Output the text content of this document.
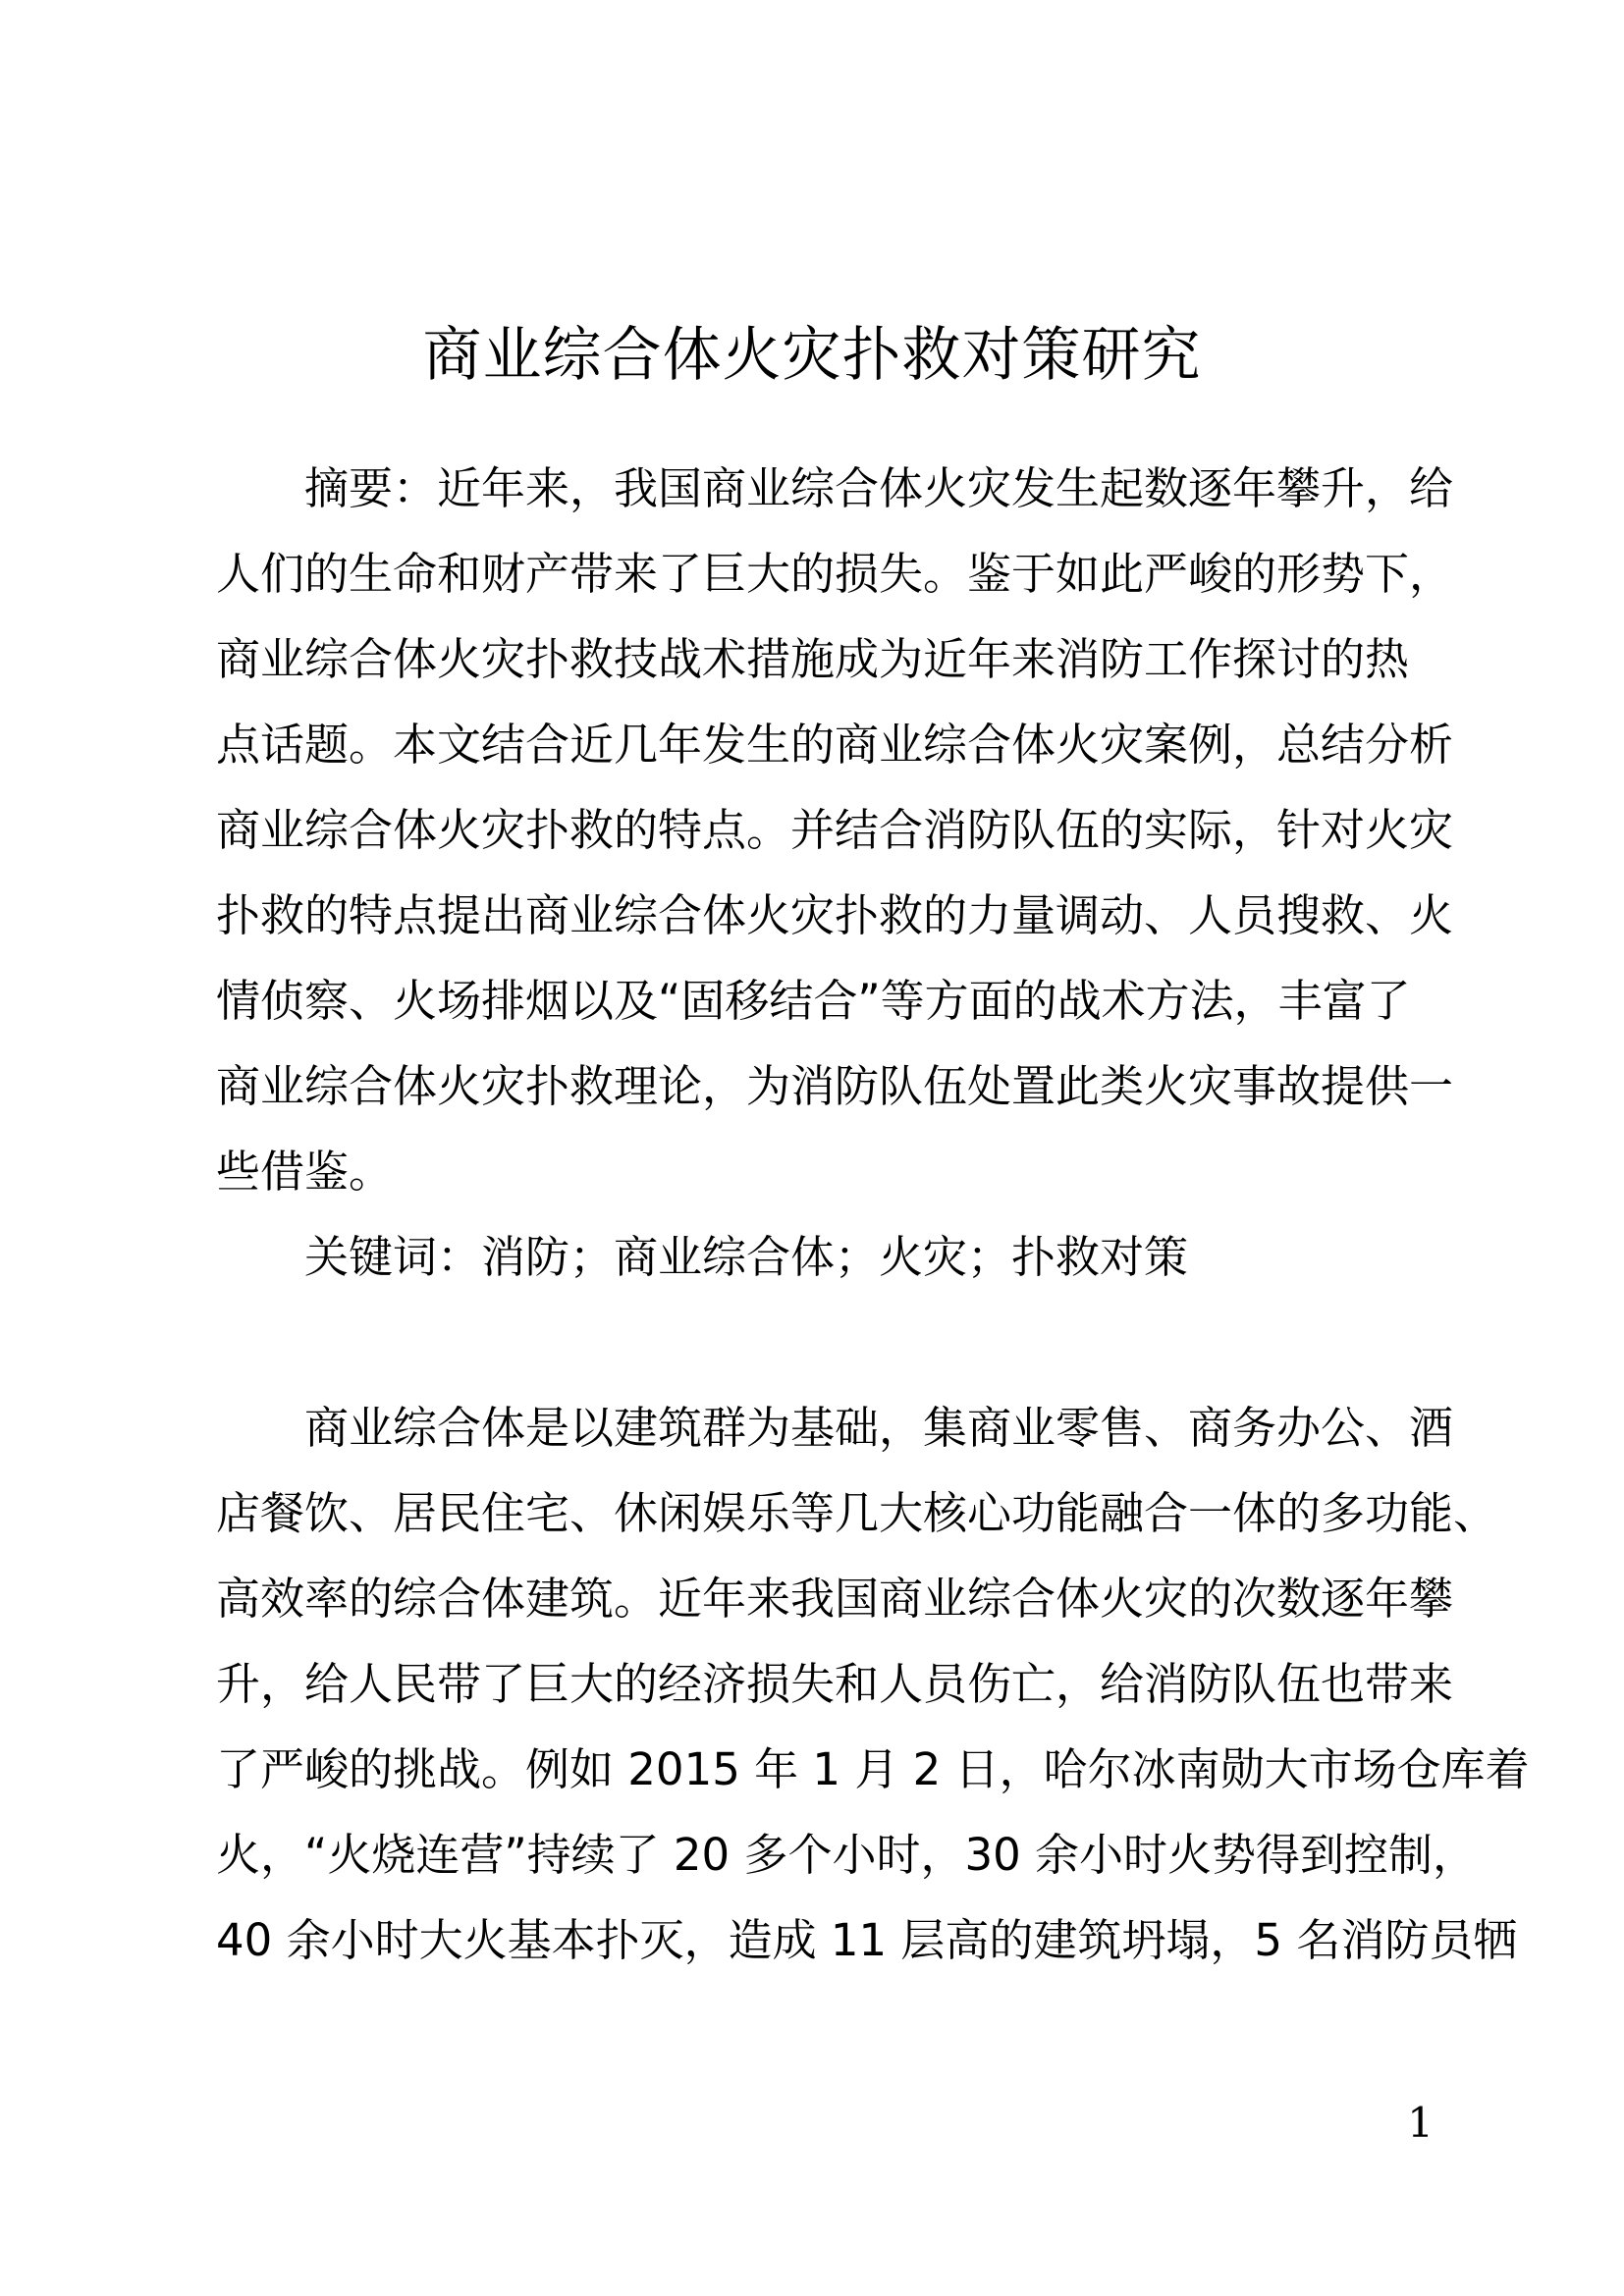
商业综合体火灾扑救对策研究

摘要：近年来，我国商业综合体火灾发生起数逐年攀升，给

人们的生命和财产带来了巨大的损失。鉴于如此严峻的形势下，

商业综合体火灾扑救技战术措施成为近年来消防工作探讨的热

点话题。本文结合近几年发生的商业综合体火灾案例，总结分析

商业综合体火灾扑救的特点。并结合消防队伍的实际，针对火灾

扑救的特点提出商业综合体火灾扑救的力量调动、人员搜救、火

情侦察、火场排烟以及“固移结合”等方面的战术方法，丰富了

商业综合体火灾扑救理论，为消防队伍处置此类火灾事故提供一

些借鉴。

关键词：消防；商业综合体；火灾；扑救对策

商业综合体是以建筑群为基础，集商业零售、商务办公、酒

店餐饮、居民住宅、休闲娱乐等几大核心功能融合一体的多功能、

高效率的综合体建筑。近年来我国商业综合体火灾的次数逐年攀

升，给人民带了巨大的经济损失和人员伤亡，给消防队伍也带来

了严峻的挑战。例如 2015 年 1 月 2 日，哈尔冰南勋大市场仓库着

火，“火烧连营”持续了 20 多个小时，30 余小时火势得到控制，

40 余小时大火基本扑灭，造成 11 层高的建筑坍塌，5 名消防员牺

1
